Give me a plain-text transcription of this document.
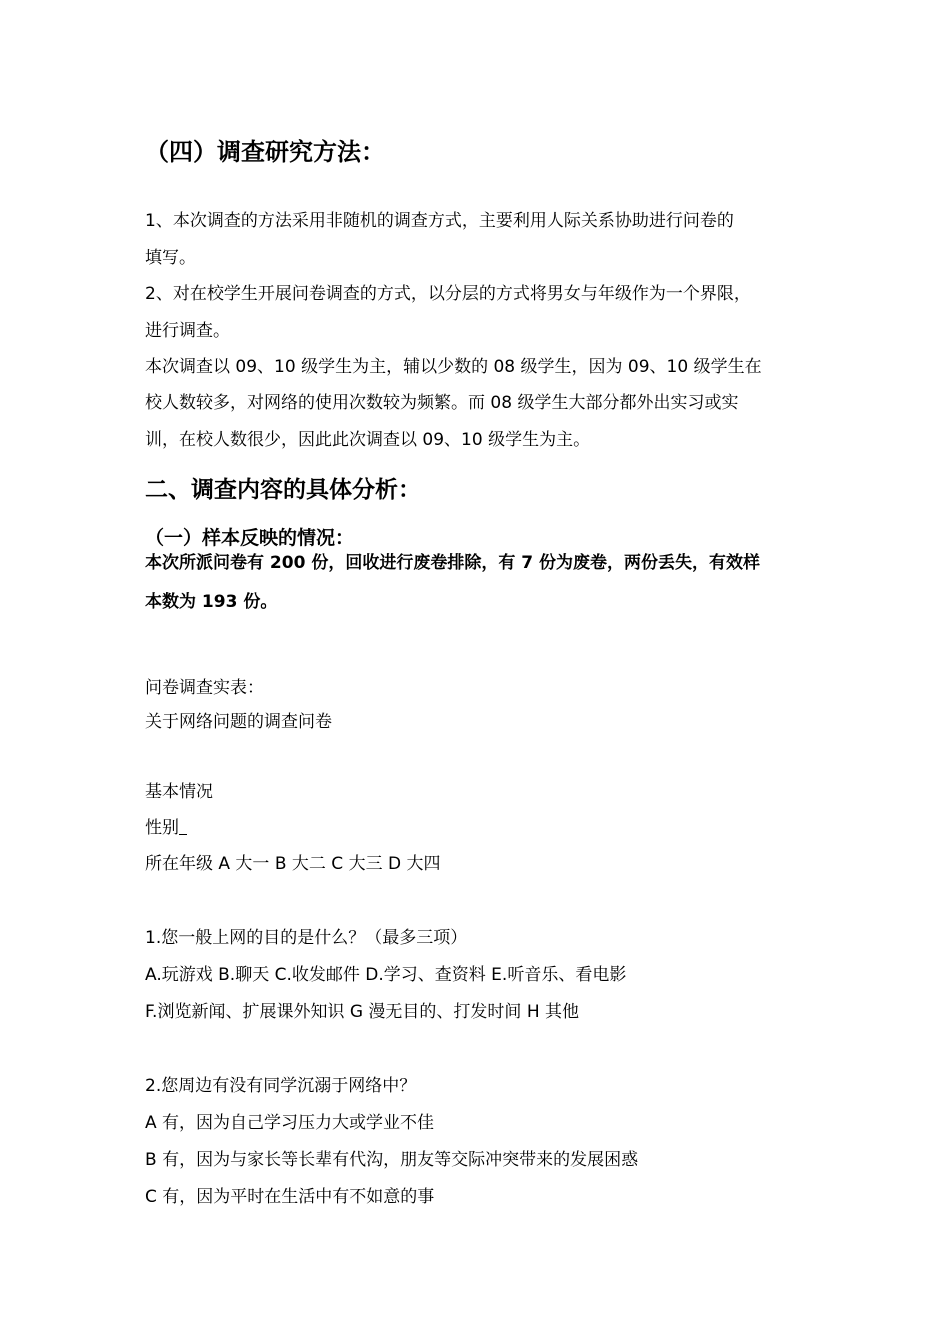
（四）调查研究方法：
1、本次调查的方法采用非随机的调查方式，主要利用人际关系协助进行问卷的
填写。
2、对在校学生开展问卷调查的方式，以分层的方式将男女与年级作为一个界限，
进行调查。
本次调查以 09、10 级学生为主，辅以少数的 08 级学生，因为 09、10 级学生在
校人数较多，对网络的使用次数较为频繁。而 08 级学生大部分都外出实习或实
训，在校人数很少，因此此次调查以 09、10 级学生为主。
二、调查内容的具体分析：
（一）样本反映的情况：
本次所派问卷有 200 份，回收进行废卷排除，有 7 份为废卷，两份丢失，有效样
本数为 193 份。
问卷调查实表：
关于网络问题的调查问卷
基本情况
性别
所在年级 A 大一 B 大二 C 大三 D 大四
1.您一般上网的目的是什么？（最多三项）
A.玩游戏 B.聊天 C.收发邮件 D.学习、查资料 E.听音乐、看电影
F.浏览新闻、扩展课外知识 G 漫无目的、打发时间 H 其他
2.您周边有没有同学沉溺于网络中？
A 有，因为自己学习压力大或学业不佳
B 有，因为与家长等长辈有代沟，朋友等交际冲突带来的发展困惑
C 有，因为平时在生活中有不如意的事
